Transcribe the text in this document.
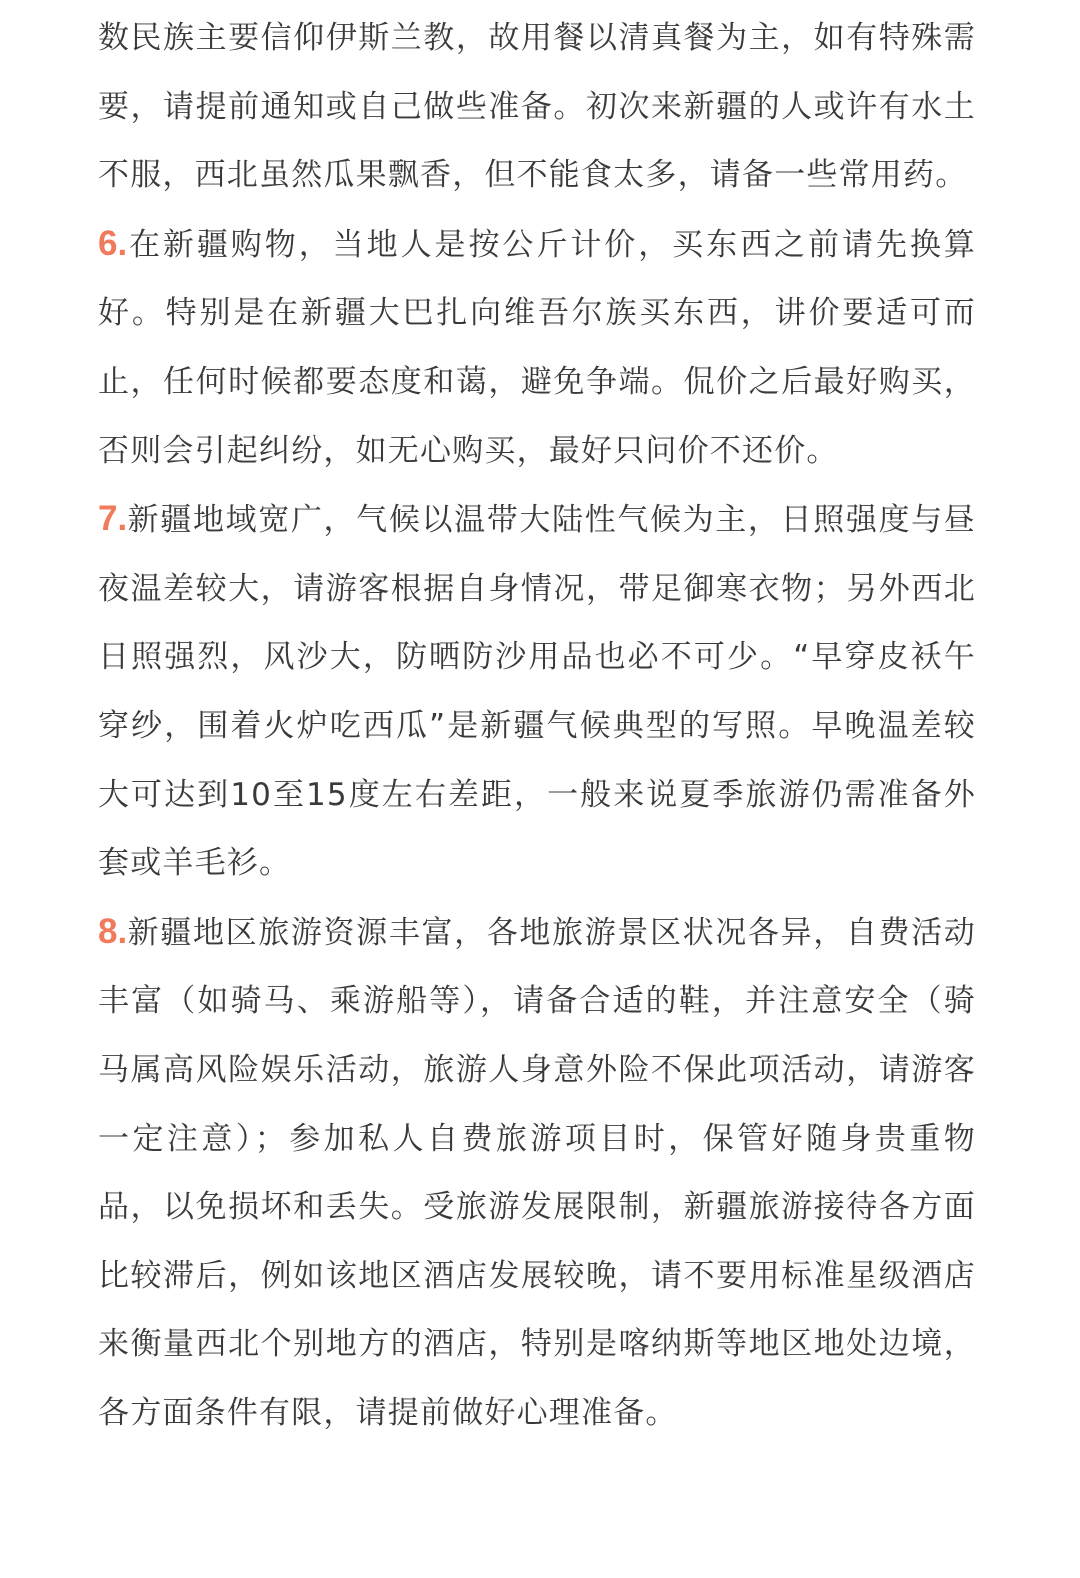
数民族主要信仰伊斯兰教，故用餐以清真餐为主，如有特殊需要，请提前通知或自己做些准备。初次来新疆的人或许有水土不服，西北虽然瓜果飘香，但不能食太多，请备一些常用药。

6.在新疆购物，当地人是按公斤计价，买东西之前请先换算好。特别是在新疆大巴扎向维吾尔族买东西，讲价要适可而止，任何时候都要态度和蔼，避免争端。侃价之后最好购买，否则会引起纠纷，如无心购买，最好只问价不还价。

7.新疆地域宽广，气候以温带大陆性气候为主，日照强度与昼夜温差较大，请游客根据自身情况，带足御寒衣物；另外西北日照强烈，风沙大，防晒防沙用品也必不可少。“早穿皮袄午穿纱，围着火炉吃西瓜”是新疆气候典型的写照。早晚温差较大可达到10至15度左右差距，一般来说夏季旅游仍需准备外套或羊毛衫。

8.新疆地区旅游资源丰富，各地旅游景区状况各异，自费活动丰富（如骑马、乘游船等），请备合适的鞋，并注意安全（骑马属高风险娱乐活动，旅游人身意外险不保此项活动，请游客一定注意）；参加私人自费旅游项目时，保管好随身贵重物品，以免损坏和丢失。受旅游发展限制，新疆旅游接待各方面比较滞后，例如该地区酒店发展较晚，请不要用标准星级酒店来衡量西北个别地方的酒店，特别是喀纳斯等地区地处边境，各方面条件有限，请提前做好心理准备。
